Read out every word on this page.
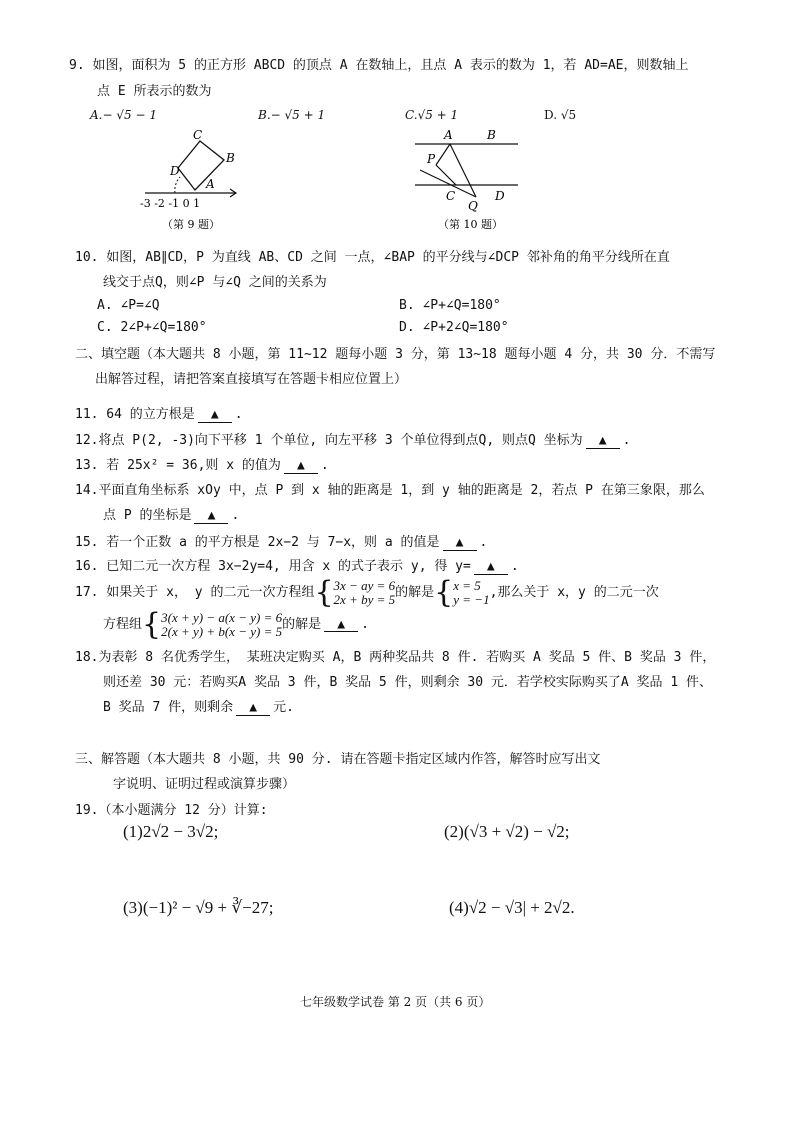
9. 如图，面积为 5 的正方形 ABCD 的顶点 A 在数轴上，且点 A 表示的数为 1，若 AD=AE，则数轴上
点 E 所表示的数为
A.− √5 − 1	B.− √5 + 1	C.√5 + 1	D. √5
C
B
D
A
-3 -2 -1 0 1
（第 9 题）
A	B
P
C
Q
D
（第 10 题）
10. 如图，AB∥CD，P 为直线 AB、CD 之间 一点，∠BAP 的平分线与∠DCP 邻补角的角平分线所在直
线交于点Q，则∠P 与∠Q 之间的关系为
A. ∠P=∠Q	B. ∠P+∠Q=180°
C. 2∠P+∠Q=180°	D. ∠P+2∠Q=180°
二、填空题（本大题共 8 小题，第 11~12 题每小题 3 分，第 13~18 题每小题 4 分，共 30 分．不需写
出解答过程，请把答案直接填写在答题卡相应位置上）
11. 64 的立方根是 ▲ .
12.将点 P(2, -3)向下平移 1 个单位, 向左平移 3 个单位得到点Q, 则点Q 坐标为 ▲ .
13. 若 25x² = 36,则 x 的值为 ▲ .
14.平面直角坐标系 xOy 中，点 P 到 x 轴的距离是 1，到 y 轴的距离是 2，若点 P 在第三象限，那么
点 P 的坐标是 ▲ .
15. 若一个正数 a 的平方根是 2x−2 与 7−x，则 a 的值是 ▲ .
16. 已知二元一次方程 3x−2y=4, 用含 x 的式子表示 y, 得 y= ▲ .
17. 如果关于 x， y 的二元一次方程组 { 3x − ay = 6
2x + by = 5 的解是 { x = 5
y = −1 ,那么关于 x，y 的二元一次
方程组 { 3(x + y) − a(x − y) = 6
2(x + y) + b(x − y) = 5 的解是	▲	.
18.为表彰 8 名优秀学生， 某班决定购买 A，B 两种奖品共 8 件. 若购买 A 奖品 5 件、B 奖品 3 件，
则还差 30 元：若购买A 奖品 3 件，B 奖品 5 件，则剩余 30 元．若学校实际购买了A 奖品 1 件、
B 奖品 7 件，则剩余 ▲ 元.
三、解答题（本大题共 8 小题，共 90 分. 请在答题卡指定区域内作答，解答时应写出文
字说明、证明过程或演算步骤）
19.（本小题满分 12 分）计算:
(1)2√2 − 3√2;	(2)(√3 + √2) − √2;
(3)(−1)² − √9 + ∛−27;	(4)√2 − √3| + 2√2.
七年级数学试卷 第 2 页（共 6 页）
